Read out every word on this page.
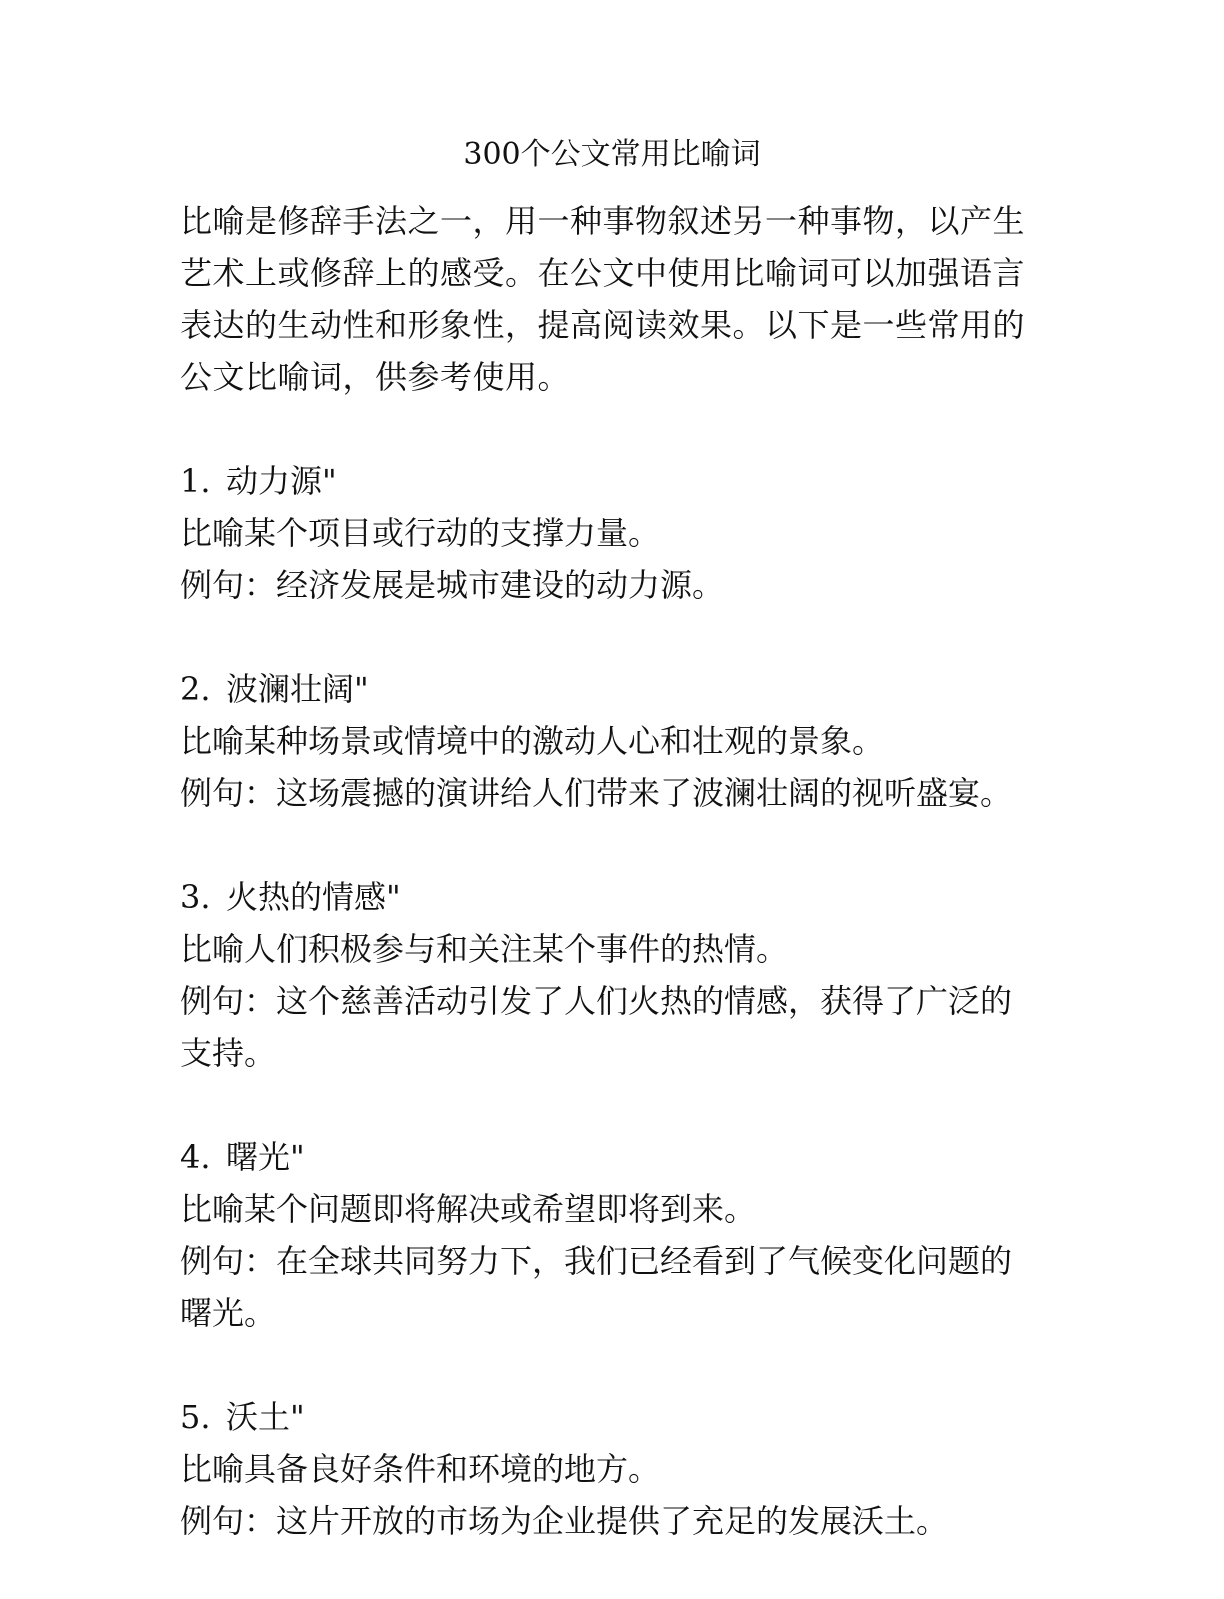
300个公文常用比喻词

比喻是修辞手法之一，用一种事物叙述另一种事物，以产生艺术上或修辞上的感受。在公文中使用比喻词可以加强语言表达的生动性和形象性，提高阅读效果。以下是一些常用的公文比喻词，供参考使用。

1. 动力源"

比喻某个项目或行动的支撑力量。

例句：经济发展是城市建设的动力源。

2. 波澜壮阔"

比喻某种场景或情境中的激动人心和壮观的景象。

例句：这场震撼的演讲给人们带来了波澜壮阔的视听盛宴。

3. 火热的情感"

比喻人们积极参与和关注某个事件的热情。

例句：这个慈善活动引发了人们火热的情感，获得了广泛的支持。

4. 曙光"

比喻某个问题即将解决或希望即将到来。

例句：在全球共同努力下，我们已经看到了气候变化问题的曙光。

5. 沃土"

比喻具备良好条件和环境的地方。

例句：这片开放的市场为企业提供了充足的发展沃土。
